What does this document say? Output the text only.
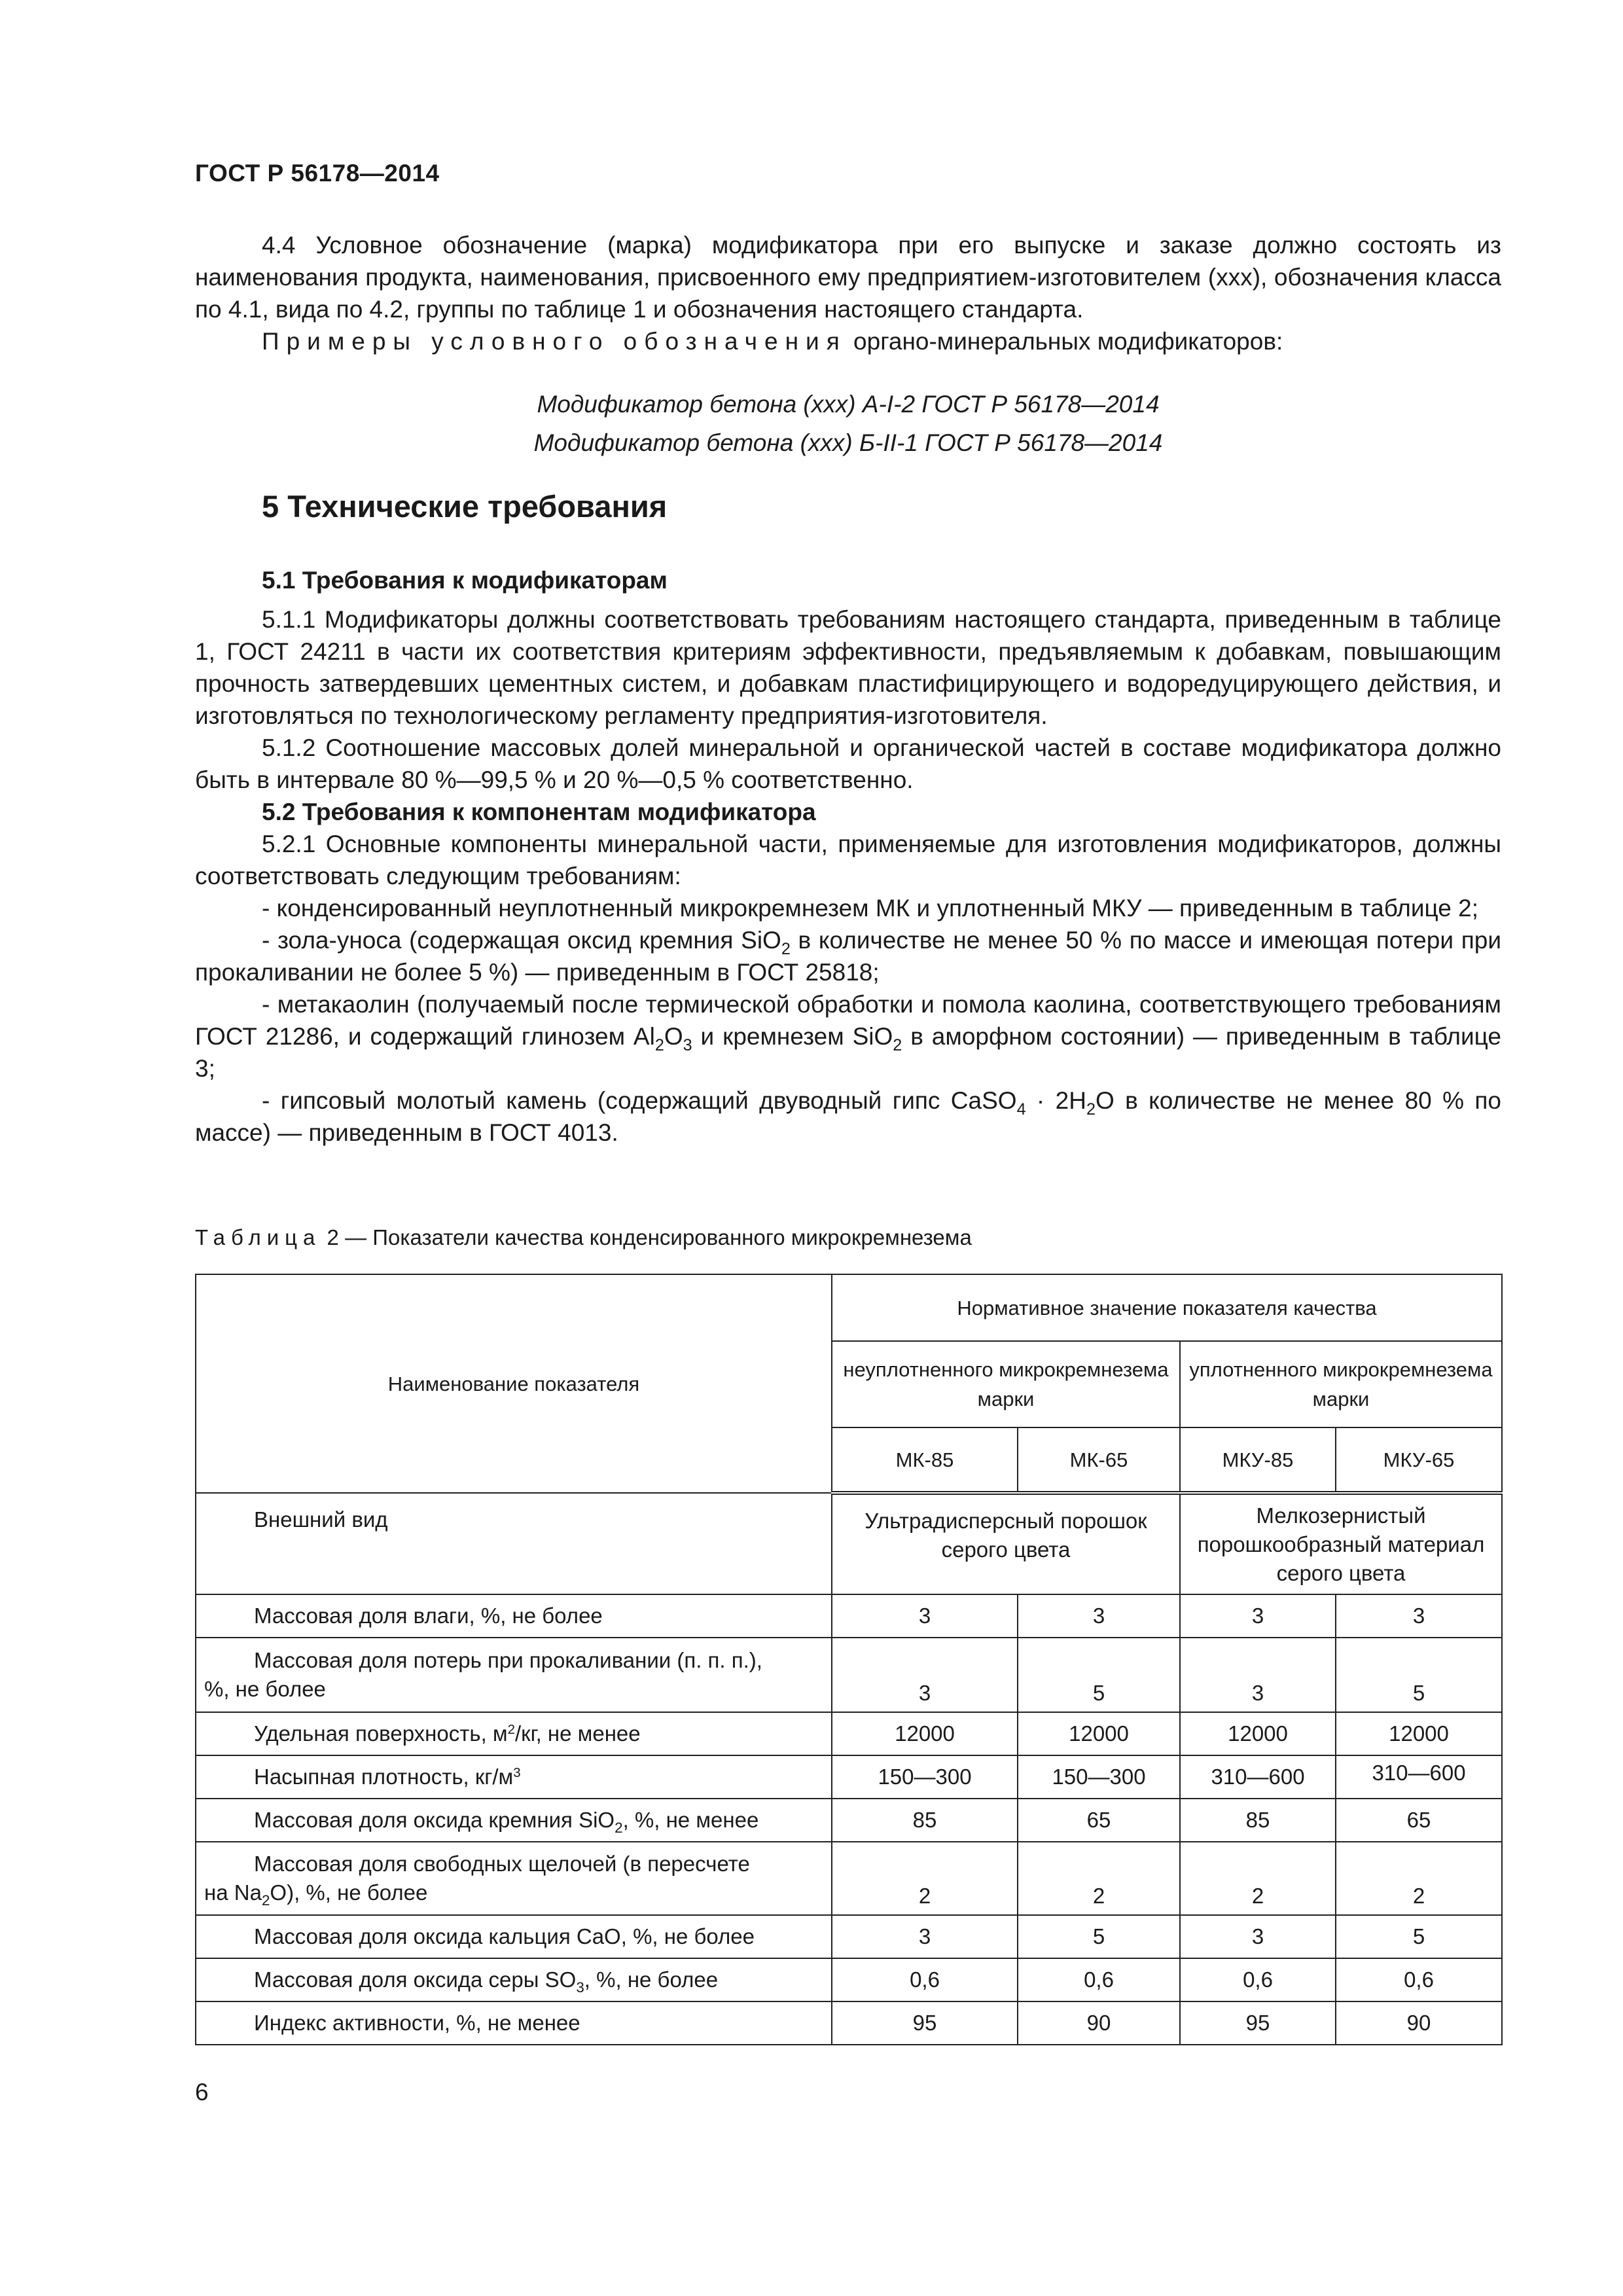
ГОСТ Р 56178—2014

4.4 Условное обозначение (марка) модификатора при его выпуске и заказе должно состоять из наименования продукта, наименования, присвоенного ему предприятием-изготовителем (ххх), обозначения класса по 4.1, вида по 4.2, группы по таблице 1 и обозначения настоящего стандарта.

Примеры условного обозначения органо-минеральных модификаторов:

Модификатор бетона (ххх) А-I-2 ГОСТ Р 56178—2014
Модификатор бетона (ххх) Б-II-1 ГОСТ Р 56178—2014
5 Технические требования
5.1 Требования к модификаторам

5.1.1 Модификаторы должны соответствовать требованиям настоящего стандарта, приведенным в таблице 1, ГОСТ 24211 в части их соответствия критериям эффективности, предъявляемым к добавкам, повышающим прочность затвердевших цементных систем, и добавкам пластифицирующего и водоредуцирующего действия, и изготовляться по технологическому регламенту предприятия-изготовителя.

5.1.2 Соотношение массовых долей минеральной и органической частей в составе модификатора должно быть в интервале 80 %—99,5 % и 20 %—0,5 % соответственно.

5.2 Требования к компонентам модификатора

5.2.1 Основные компоненты минеральной части, применяемые для изготовления модификаторов, должны соответствовать следующим требованиям:

- конденсированный неуплотненный микрокремнезем МК и уплотненный МКУ — приведенным в таблице 2;

- зола-уноса (содержащая оксид кремния SiO$_2$ в количестве не менее 50 % по массе и имеющая потери при прокаливании не более 5 %) — приведенным в ГОСТ 25818;

- метакаолин (получаемый после термической обработки и помола каолина, соответствующего требованиям ГОСТ 21286, и содержащий глинозем $Al_2O_3$ и кремнезем SiO$_2$ в аморфном состоянии) — приведенным в таблице 3;

- гипсовый молотый камень (содержащий двуводный гипс CaSO$_4$ · $2H_2O$ в количестве не менее 80 % по массе) — приведенным в ГОСТ 4013.

Таблица 2 — Показатели качества конденсированного микрокремнезема
Наименование показателя	Нормативное значение показателя качества			
	неуплотненного микрокремнезема марки		уплотненного микрокремнезема марки	
	МК-85	МК-65	МКУ-85	МКУ-65

Внешний вид	Ультрадисперсный порошок серого цвета		Мелкозернистый порошкообразный материал серого цвета	

Массовая доля влаги, %, не более	3	3	3	3

Массовая доля потерь при прокаливании (п. п. п.),
%, не более	3	5	3	5

Удельная поверхность, $м^2/кг$, не менее	12000	12000	12000	12000

Насыпная плотность, $кг/м^3$	150—300	150—300	310—600	310—600

Массовая доля оксида кремния SiO$_2$, %, не менее	85	65	85	65

Массовая доля свободных щелочей (в пересчете
на $Na_2O$), %, не более	2	2	2	2

Массовая доля оксида кальция CaO, %, не более	3	5	3	5

Массовая доля оксида серы $SO_3$, %, не более	0,6	0,6	0,6	0,6

Индекс активности, %, не менее	95	90	95	90
6
